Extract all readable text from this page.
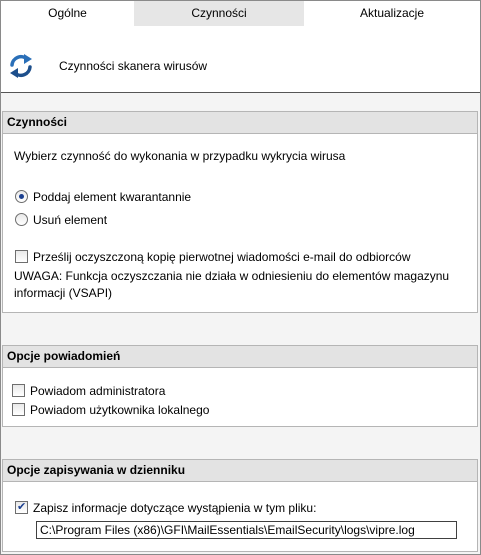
Ogólne	Czynności	Aktualizacje
Czynności skanera wirusów
Czynności
Wybierz czynność do wykonania w przypadku wykrycia wirusa
Poddaj element kwarantannie
Usuń element
Prześlij oczyszczoną kopię pierwotnej wiadomości e-mail do odbiorców
UWAGA: Funkcja oczyszczania nie działa w odniesieniu do elementów magazynu
informacji (VSAPI)
Opcje powiadomień
Powiadom administratora
Powiadom użytkownika lokalnego
Opcje zapisywania w dzienniku
✔
Zapisz informacje dotyczące wystąpienia w tym pliku:
C:\Program Files (x86)\GFI\MailEssentials\EmailSecurity\logs\vipre.log
